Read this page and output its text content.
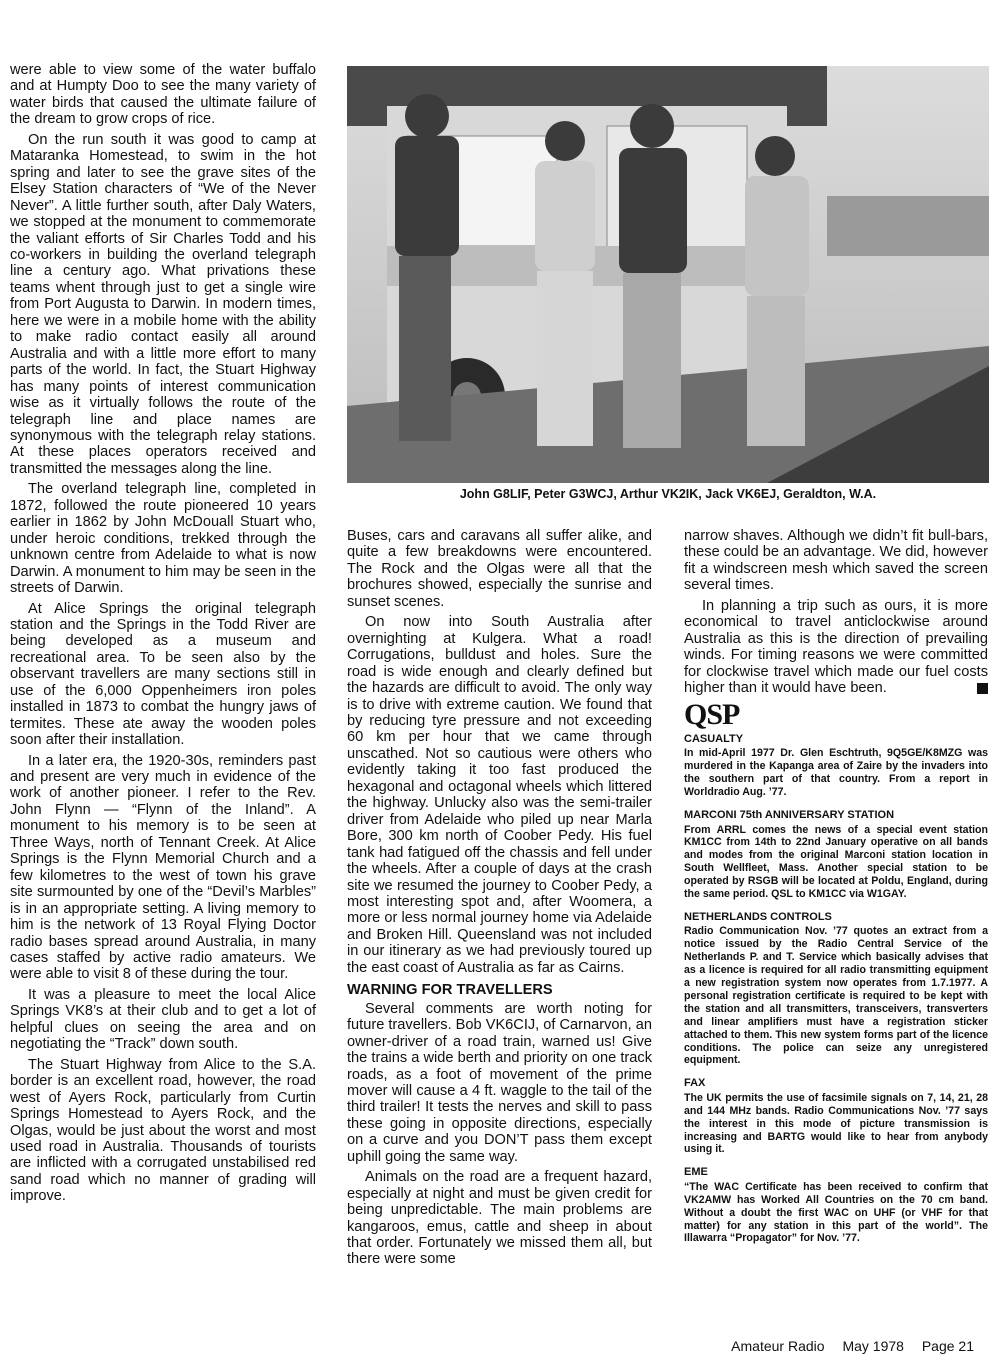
were able to view some of the water buffalo and at Humpty Doo to see the many variety of water birds that caused the ultimate failure of the dream to grow crops of rice.

On the run south it was good to camp at Mataranka Homestead, to swim in the hot spring and later to see the grave sites of the Elsey Station characters of “We of the Never Never”. A little further south, after Daly Waters, we stopped at the monument to commemorate the valiant efforts of Sir Charles Todd and his co-workers in building the overland telegraph line a century ago. What privations these teams whent through just to get a single wire from Port Augusta to Darwin. In modern times, here we were in a mobile home with the ability to make radio contact easily all around Australia and with a little more effort to many parts of the world. In fact, the Stuart Highway has many points of interest communication wise as it virtually follows the route of the telegraph line and place names are synonymous with the telegraph relay stations. At these places operators received and transmitted the messages along the line.

The overland telegraph line, completed in 1872, followed the route pioneered 10 years earlier in 1862 by John McDouall Stuart who, under heroic conditions, trekked through the unknown centre from Adelaide to what is now Darwin. A monument to him may be seen in the streets of Darwin.

At Alice Springs the original telegraph station and the Springs in the Todd River are being developed as a museum and recreational area. To be seen also by the observant travellers are many sections still in use of the 6,000 Oppenheimers iron poles installed in 1873 to combat the hungry jaws of termites. These ate away the wooden poles soon after their installation.

In a later era, the 1920-30s, reminders past and present are very much in evidence of the work of another pioneer. I refer to the Rev. John Flynn — “Flynn of the Inland”. A monument to his memory is to be seen at Three Ways, north of Tennant Creek. At Alice Springs is the Flynn Memorial Church and a few kilometres to the west of town his grave site surmounted by one of the “Devil’s Marbles” is in an appropriate setting. A living memory to him is the network of 13 Royal Flying Doctor radio bases spread around Australia, in many cases staffed by active radio amateurs. We were able to visit 8 of these during the tour.

It was a pleasure to meet the local Alice Springs VK8’s at their club and to get a lot of helpful clues on seeing the area and on negotiating the “Track” down south.

The Stuart Highway from Alice to the S.A. border is an excellent road, however, the road west of Ayers Rock, particularly from Curtin Springs Homestead to Ayers Rock, and the Olgas, would be just about the worst and most used road in Australia. Thousands of tourists are inflicted with a corrugated unstabilised red sand road which no manner of grading will improve.

John G8LIF, Peter G3WCJ, Arthur VK2IK, Jack VK6EJ, Geraldton, W.A.

Buses, cars and caravans all suffer alike, and quite a few breakdowns were encountered. The Rock and the Olgas were all that the brochures showed, especially the sunrise and sunset scenes.

On now into South Australia after overnighting at Kulgera. What a road! Corrugations, bulldust and holes. Sure the road is wide enough and clearly defined but the hazards are difficult to avoid. The only way is to drive with extreme caution. We found that by reducing tyre pressure and not exceeding 60 km per hour that we came through unscathed. Not so cautious were others who evidently taking it too fast produced the hexagonal and octagonal wheels which littered the highway. Unlucky also was the semi-trailer driver from Adelaide who piled up near Marla Bore, 300 km north of Coober Pedy. His fuel tank had fatigued off the chassis and fell under the wheels. After a couple of days at the crash site we resumed the journey to Coober Pedy, a most interesting spot and, after Woomera, a more or less normal journey home via Adelaide and Broken Hill. Queensland was not included in our itinerary as we had previously toured up the east coast of Australia as far as Cairns.

WARNING FOR TRAVELLERS

Several comments are worth noting for future travellers. Bob VK6CIJ, of Carnarvon, an owner-driver of a road train, warned us! Give the trains a wide berth and priority on one track roads, as a foot of movement of the prime mover will cause a 4 ft. waggle to the tail of the third trailer! It tests the nerves and skill to pass these going in opposite directions, especially on a curve and you DON’T pass them except uphill going the same way.

Animals on the road are a frequent hazard, especially at night and must be given credit for being unpredictable. The main problems are kangaroos, emus, cattle and sheep in about that order. Fortunately we missed them all, but there were some

narrow shaves. Although we didn’t fit bull-bars, these could be an advantage. We did, however fit a windscreen mesh which saved the screen several times.

In planning a trip such as ours, it is more economical to travel anticlockwise around Australia as this is the direction of prevailing winds. For timing reasons we were committed for clockwise travel which made our fuel costs higher than it would have been.

QSP
CASUALTY
In mid-April 1977 Dr. Glen Eschtruth, 9Q5GE/K8MZG was murdered in the Kapanga area of Zaire by the invaders into the southern part of that country. From a report in Worldradio Aug. ’77.
MARCONI 75th ANNIVERSARY STATION
From ARRL comes the news of a special event station KM1CC from 14th to 22nd January operative on all bands and modes from the original Marconi station location in South Wellfleet, Mass. Another special station to be operated by RSGB will be located at Poldu, England, during the same period. QSL to KM1CC via W1GAY.
NETHERLANDS CONTROLS
Radio Communication Nov. ’77 quotes an extract from a notice issued by the Radio Central Service of the Netherlands P. and T. Service which basically advises that as a licence is required for all radio transmitting equipment a new registration system now operates from 1.7.1977. A personal registration certificate is required to be kept with the station and all transmitters, transceivers, transverters and linear amplifiers must have a registration sticker attached to them. This new system forms part of the licence conditions. The police can seize any unregistered equipment.
FAX
The UK permits the use of facsimile signals on 7, 14, 21, 28 and 144 MHz bands. Radio Communications Nov. ’77 says the interest in this mode of picture transmission is increasing and BARTG would like to hear from anybody using it.
EME
“The WAC Certificate has been received to confirm that VK2AMW has Worked All Countries on the 70 cm band. Without a doubt the first WAC on UHF (or VHF for that matter) for any station in this part of the world”. The Illawarra “Propagator” for Nov. ’77.
Amateur Radio May 1978 Page 21
